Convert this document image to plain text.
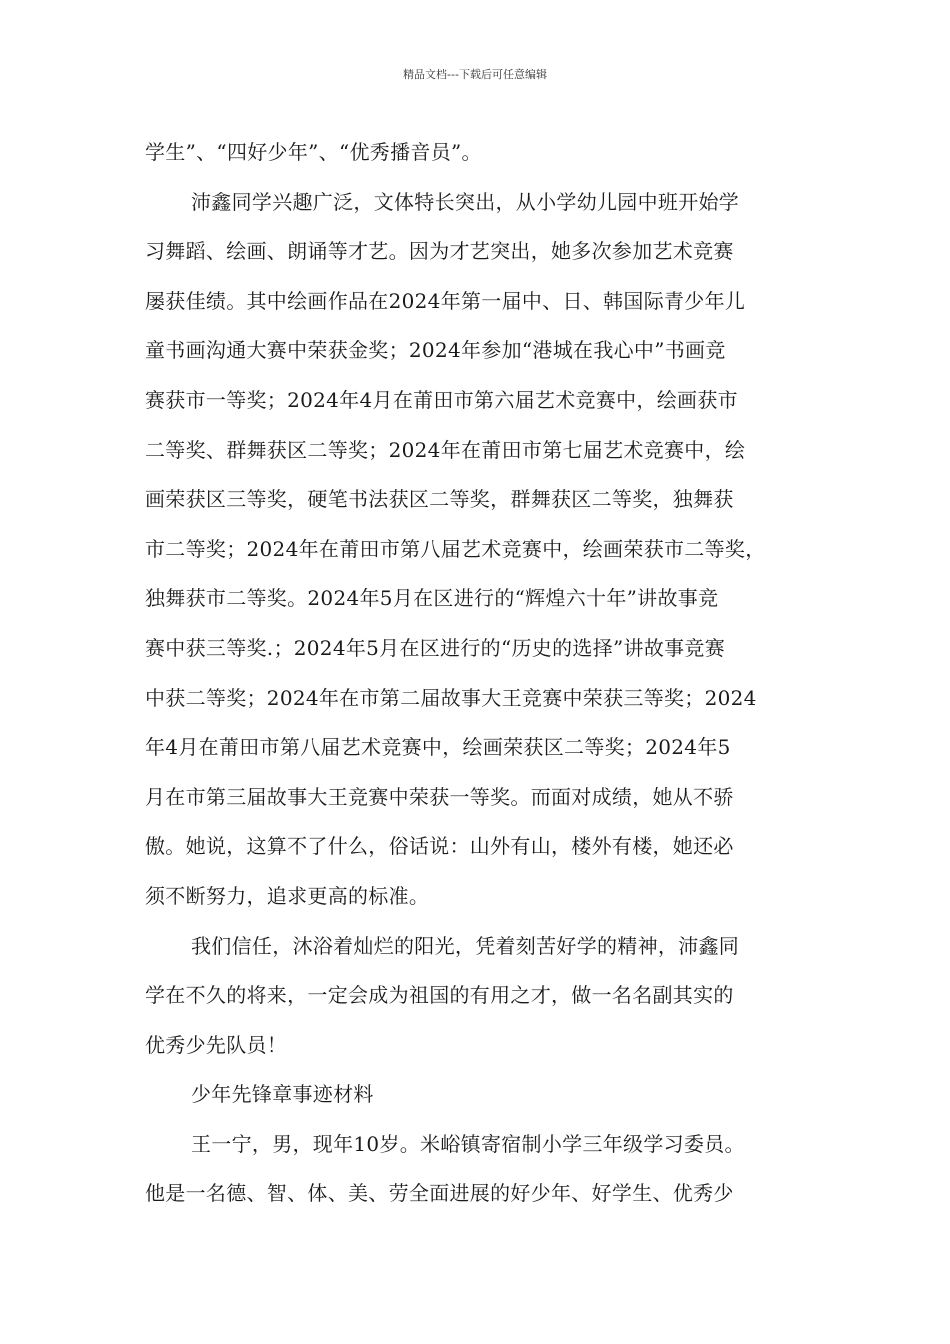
精品文档---下载后可任意编辑
学生”、“四好少年”、“优秀播音员”。
沛鑫同学兴趣广泛，文体特长突出，从小学幼儿园中班开始学
习舞蹈、绘画、朗诵等才艺。因为才艺突出，她多次参加艺术竞赛
屡获佳绩。其中绘画作品在2024年第一届中、日、韩国际青少年儿
童书画沟通大赛中荣获金奖；2024年参加“港城在我心中”书画竞
赛获市一等奖；2024年4月在莆田市第六届艺术竞赛中，绘画获市
二等奖、群舞获区二等奖；2024年在莆田市第七届艺术竞赛中，绘
画荣获区三等奖，硬笔书法获区二等奖，群舞获区二等奖，独舞获
市二等奖；2024年在莆田市第八届艺术竞赛中，绘画荣获市二等奖，
独舞获市二等奖。2024年5月在区进行的“辉煌六十年”讲故事竞
赛中获三等奖.；2024年5月在区进行的“历史的选择”讲故事竞赛
中获二等奖；2024年在市第二届故事大王竞赛中荣获三等奖；2024
年4月在莆田市第八届艺术竞赛中，绘画荣获区二等奖；2024年5
月在市第三届故事大王竞赛中荣获一等奖。而面对成绩，她从不骄
傲。她说，这算不了什么，俗话说：山外有山，楼外有楼，她还必
须不断努力，追求更高的标准。
我们信任，沐浴着灿烂的阳光，凭着刻苦好学的精神，沛鑫同
学在不久的将来，一定会成为祖国的有用之才，做一名名副其实的
优秀少先队员！
少年先锋章事迹材料
王一宁，男，现年10岁。米峪镇寄宿制小学三年级学习委员。
他是一名德、智、体、美、劳全面进展的好少年、好学生、优秀少
